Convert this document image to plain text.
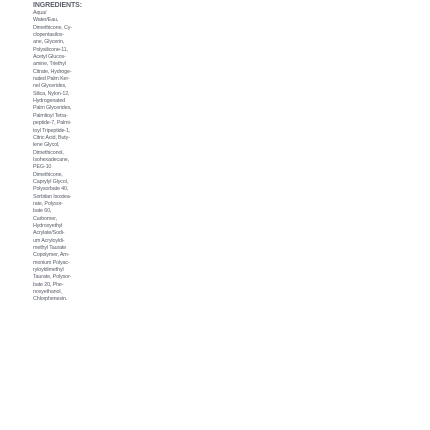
INGREDIENTS:
Aqua/
Water/Eau,
Dimethicone, Cy-
clopentasilox-
ane, Glycerin,
Polysilicone-11,
Acetyl Glucos-
amine, Triethyl
Citrate, Hydroge-
nated Palm Ker-
nel Glycerides,
Silica, Nylon-12,
Hydrogenated
Palm Glycerides,
Palmitoyl Tetra-
peptide-7, Palmi-
toyl Tripeptide-1,
Citric Acid, Buty-
lene Glycol,
Dimethiconol,
Isohexadecane,
PEG-10
Dimethicone,
Caprylyl Glycol,
Polysorbate 40,
Sorbitan Isostea-
rate, Polysor-
bate 60,
Carbomer,
Hydroxyethyl
Acrylate/Sodi-
um Acryloyldi-
methyl Taurate
Copolymer, Am-
monium Polyac-
ryloyldimethyl
Taurate, Polysor-
bate 20, Phe-
noxyethanol,
Chlorphenesin.
